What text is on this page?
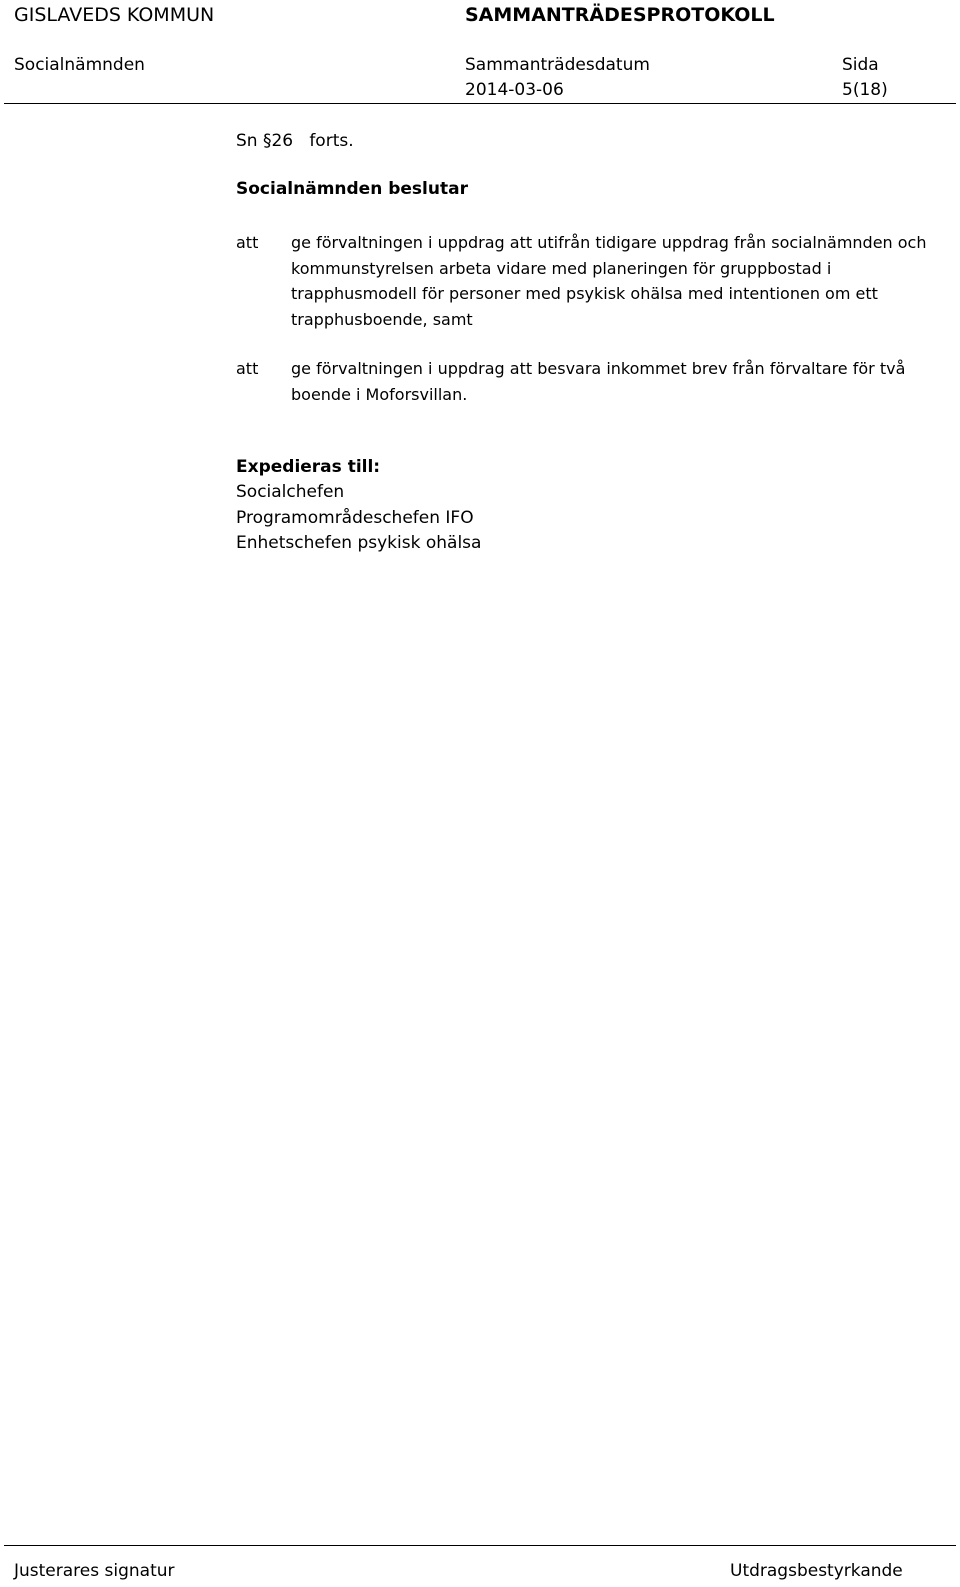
GISLAVEDS KOMMUN	SAMMANTRÄDESPROTOKOLL
Socialnämnden	Sammanträdesdatum	Sida
2014-03-06	5(18)
Sn §26   forts.
Socialnämnden beslutar
att ge förvaltningen i uppdrag att utifrån tidigare uppdrag från socialnämnden och kommunstyrelsen arbeta vidare med planeringen för gruppbostad i trapphusmodell för personer med psykisk ohälsa med intentionen om ett trapphusboende, samt
att ge förvaltningen i uppdrag att besvara inkommet brev från förvaltare för två boende i Moforsvillan.
Expedieras till:
Socialchefen
Programområdeschefen IFO
Enhetschefen psykisk ohälsa
Justerares signatur	Utdragsbestyrkande
